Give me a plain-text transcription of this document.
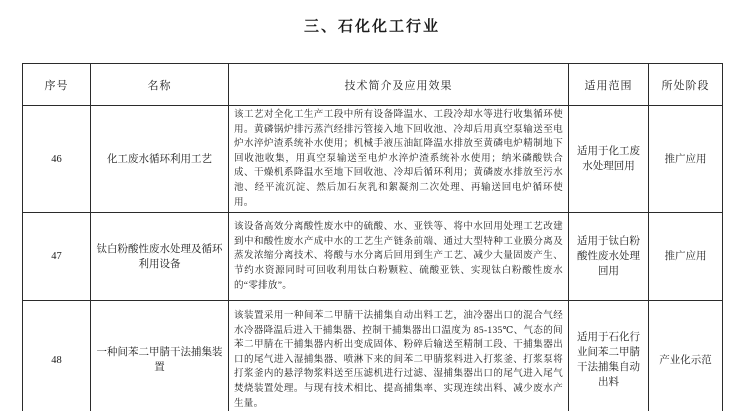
三、石化化工行业
序号	名称	技术简介及应用效果	适用范围	所处阶段
46	化工废水循环利用工艺	该工艺对全化工生产工段中所有设备降温水、工段冷却水等进行收集循环使用。黄磷锅炉排污蒸汽经排污管接入地下回收池、冷却后用真空泵输送至电炉水淬炉渣系统补水使用；机械手液压油缸降温水排放至黄磷电炉精制地下回收池收集，用真空泵输送至电炉水淬炉渣系统补水使用；纳米磷酸铁合成、干燥机系降温水至地下回收池、冷却后循环利用；黄磷废水排放至污水池、经平流沉淀、然后加石灰乳和絮凝剂二次处理、再输送回电炉循环使用。	适用于化工废水处理回用	推广应用
47	钛白粉酸性废水处理及循环利用设备	该设备高效分离酸性废水中的硫酸、水、亚铁等、将中水回用处理工艺改建到中和酸性废水产成中水的工艺生产链条前端、通过大型特种工业膜分离及蒸发浓缩分离技术、将酸与水分离后回用到生产工艺、减少大量固废产生、节约水资源同时可回收利用钛白粉颗粒、硫酸亚铁、实现钛白粉酸性废水的“零排放”。	适用于钛白粉酸性废水处理回用	推广应用
48	一种间苯二甲腈干法捕集装置	该装置采用一种间苯二甲腈干法捕集自动出料工艺，油冷器出口的混合气经水冷器降温后进入干捕集器、控制干捕集器出口温度为 85-135℃、气态的间苯二甲腈在干捕集器内析出变成固体、粉碎后输送至精制工段、干捕集器出口的尾气进入湿捕集器、喷淋下来的间苯二甲腈浆料进入打浆釜、打浆泵将打浆釜内的悬浮物浆料送至压滤机进行过滤、湿捕集器出口的尾气进入尾气焚烧装置处理。与现有技术相比、提高捕集率、实现连续出料、减少废水产生量。	适用于石化行业间苯二甲腈干法捕集自动出料	产业化示范
